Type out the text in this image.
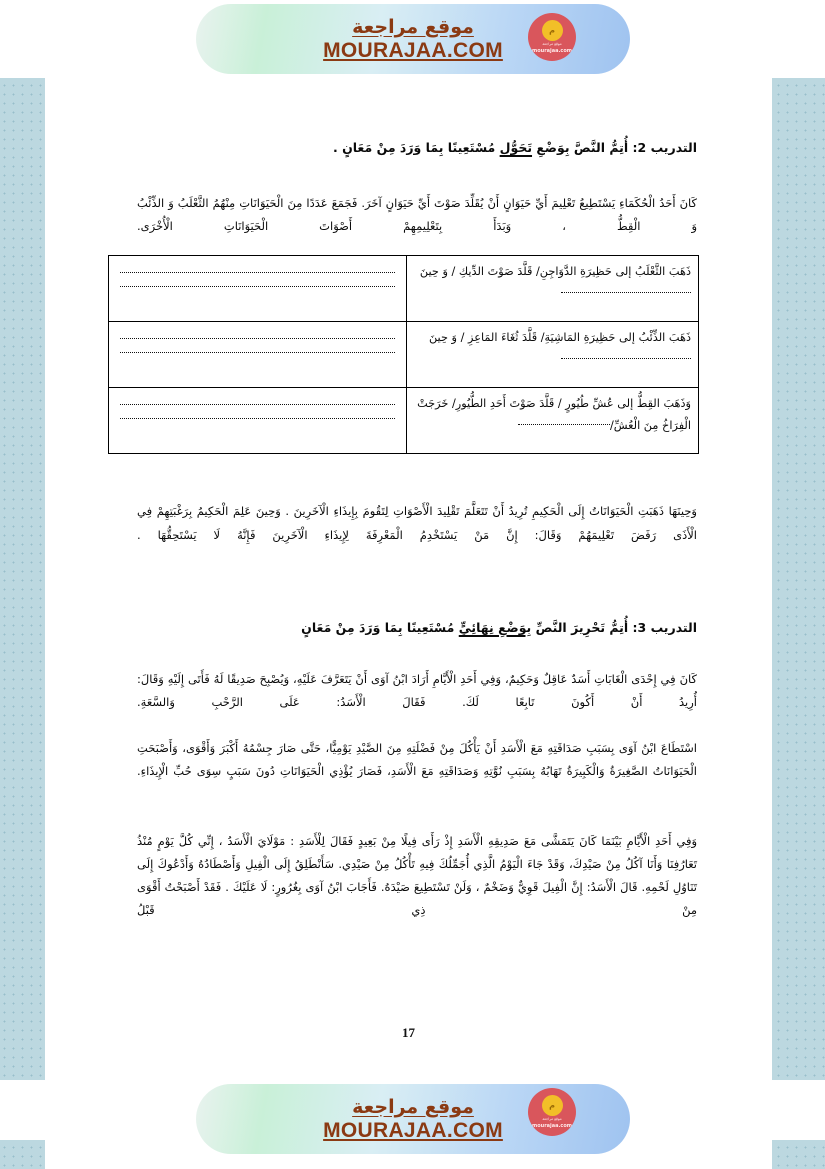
التدريب 2: أُتِمُّ النَّصَّ بِوَضْعِ تَحَوُّل مُسْتَعِينًا بِمَا وَرَدَ مِنْ مَعَانٍ .
كَانَ أَحَدُ الْحُكَمَاءِ يَسْتَطِيعُ تَعْلِيمَ أَيِّ حَيَوَانٍ أَنْ يُقَلِّدَ صَوْتَ أَيِّ حَيَوَانٍ آخَرَ. فَجَمَعَ عَدَدًا مِنَ الْحَيَوَانَاتِ مِنْهُمُ الثَّعْلَبُ وَ الذِّئْبُ وَ الْقِطُّ ، وَبَدَأَ بِتَعْلِيمِهِمْ أَصْوَاتَ الْحَيَوَانَاتِ الْأُخْرَى.
ذَهَبَ الثَّعْلَبُ إلى حَظِيرَةِ الدَّوَاجِنِ/ قَلَّدَ صَوْتَ الدِّيكِ / وَ حِينَ	

ذَهَبَ الذِّئْبُ إلى حَظِيرَةِ المَاشِيَةِ/ قَلَّدَ ثُغَاءَ المَاعِزِ / وَ حِينَ	

وَذَهَبَ القِطُّ إلى عُشِّ طُيُورٍ / قَلَّدَ صَوْتَ أَحَدِ الطُّيُورِ/ خَرَجَتْ الْفِرَاخُ مِنَ الْعُشِّ/	
وَحِينَهَا ذَهَبَتِ الْحَيَوَانَاتُ إِلَى الْحَكِيمِ تُرِيدُ أَنْ تَتَعَلَّمَ تَقْلِيدَ الْأَصْوَاتِ لِتَقُومَ بِإِيذَاءِ الْآخَرِينَ . وَحِينَ عَلِمَ الْحَكِيمُ بِرَغْبَتِهِمْ فِي الْأَذَى رَفَضَ تَعْلِيمَهُمْ وَقَالَ: إِنَّ مَنْ يَسْتَخْدِمُ الْمَعْرِفَةَ لِإِيذَاءِ الْآخَرِينَ فَإِنَّهُ لَا يَسْتَحِقُّهَا .
التدريب 3: أُتِمُّ تَحْرِيرَ النَّصِّ بِوَضْعِ نِهَائِيٍّ مُسْتَعِينًا بِمَا وَرَدَ مِنْ مَعَانٍ
كَانَ فِي إِحْدَى الْغَابَاتِ أَسَدٌ عَاقِلٌ وَحَكِيمٌ، وَفِي أَحَدِ الْأَيَّامِ أَرَادَ ابْنُ آوَى أَنْ يَتَعَرَّفَ عَلَيْهِ، وَيُصْبِحَ صَدِيقًا لَهُ فَأَتَى إِلَيْهِ وَقَالَ: أُرِيدُ أَنْ أَكُونَ تَابِعًا لَكَ. فَقَالَ الْأَسَدُ: عَلَى الرَّحْبِ وَالسَّعَةِ.
اسْتَطَاعَ ابْنُ آوَى بِسَبَبِ صَدَاقَتِهِ مَعَ الْأَسَدِ أَنْ يَأْكُلَ مِنْ فَضْلَتِهِ مِنَ الصَّيْدِ يَوْمِيًّا، حَتَّى صَارَ جِسْمُهُ أَكْبَرَ وَأَقْوَى، وَأَصْبَحَتِ الْحَيَوَانَاتُ الصَّغِيرَةُ وَالْكَبِيرَةُ تَهَابُهُ بِسَبَبِ نُوَّتِهِ وَصَدَاقَتِهِ مَعَ الْأَسَدِ، فَصَارَ يُؤْذِي الْحَيَوَانَاتِ دُونَ سَبَبٍ سِوَى حُبِّ الْإِيذَاءِ.
وَفِي أَحَدِ الْأَيَّامِ بَيْنَمَا كَانَ يَتَمَشَّى مَعَ صَدِيقِهِ الْأَسَدِ إِذْ رَأَى فِيلًا مِنْ بَعِيدٍ فَقَالَ لِلْأَسَدِ : مَوْلَايَ الْأَسَدُ ، إِنِّي كُلَّ يَوْمٍ مُنْذُ تَعَارُفِنَا وَأَنَا آكُلُ مِنْ صَيْدِكَ، وَقَدْ جَاءَ الْيَوْمُ الَّذِي أُجَمِّلُكَ فِيهِ تَأْكُلُ مِنْ صَيْدِي. سَأَنْطَلِقُ إِلَى الْفِيلِ وَأَصْطَادُهُ وَأَدْعُوكَ إِلَى تَنَاوُلِ لَحْمِهِ. قَالَ الْأَسَدُ: إِنَّ الْفِيلَ قَوِيٌّ وَضَخْمٌ ، وَلَنْ تَسْتَطِيعَ صَيْدَهُ. فَأَجَابَ ابْنُ آوَى بِغُرُورٍ: لَا عَلَيْكَ . فَقَدْ أَصْبَحْتُ أَقْوَى مِنْ ذِي قَبْلُ
17
موقع مراجعة
MOURAJAA.COM
م
موقع مراجعة
mourajaa.com
موقع مراجعة
MOURAJAA.COM
م
موقع مراجعة
mourajaa.com
